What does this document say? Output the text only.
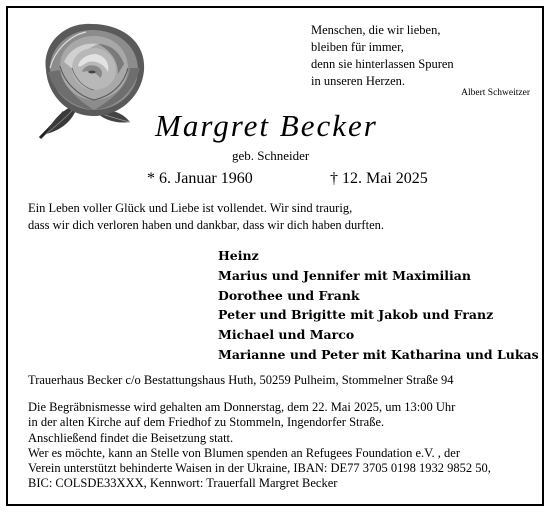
Menschen, die wir lieben,
bleiben für immer,
denn sie hinterlassen Spuren
in unseren Herzen.
Albert Schweitzer
Margret Becker
geb. Schneider
* 6. Januar 1960	† 12. Mai 2025
Ein Leben voller Glück und Liebe ist vollendet. Wir sind traurig,
dass wir dich verloren haben und dankbar, dass wir dich haben durften.
Heinz
Marius und Jennifer mit Maximilian
Dorothee und Frank
Peter und Brigitte mit Jakob und Franz
Michael und Marco
Marianne und Peter mit Katharina und Lukas
Trauerhaus Becker c/o Bestattungshaus Huth, 50259 Pulheim, Stommelner Straße 94
Die Begräbnismesse wird gehalten am Donnerstag, dem 22. Mai 2025, um 13:00 Uhr
in der alten Kirche auf dem Friedhof zu Stommeln, Ingendorfer Straße.
Anschließend findet die Beisetzung statt.
Wer es möchte, kann an Stelle von Blumen spenden an Refugees Foundation e.V. , der
Verein unterstützt behinderte Waisen in der Ukraine, IBAN: DE77 3705 0198 1932 9852 50,
BIC: COLSDE33XXX, Kennwort: Trauerfall Margret Becker
